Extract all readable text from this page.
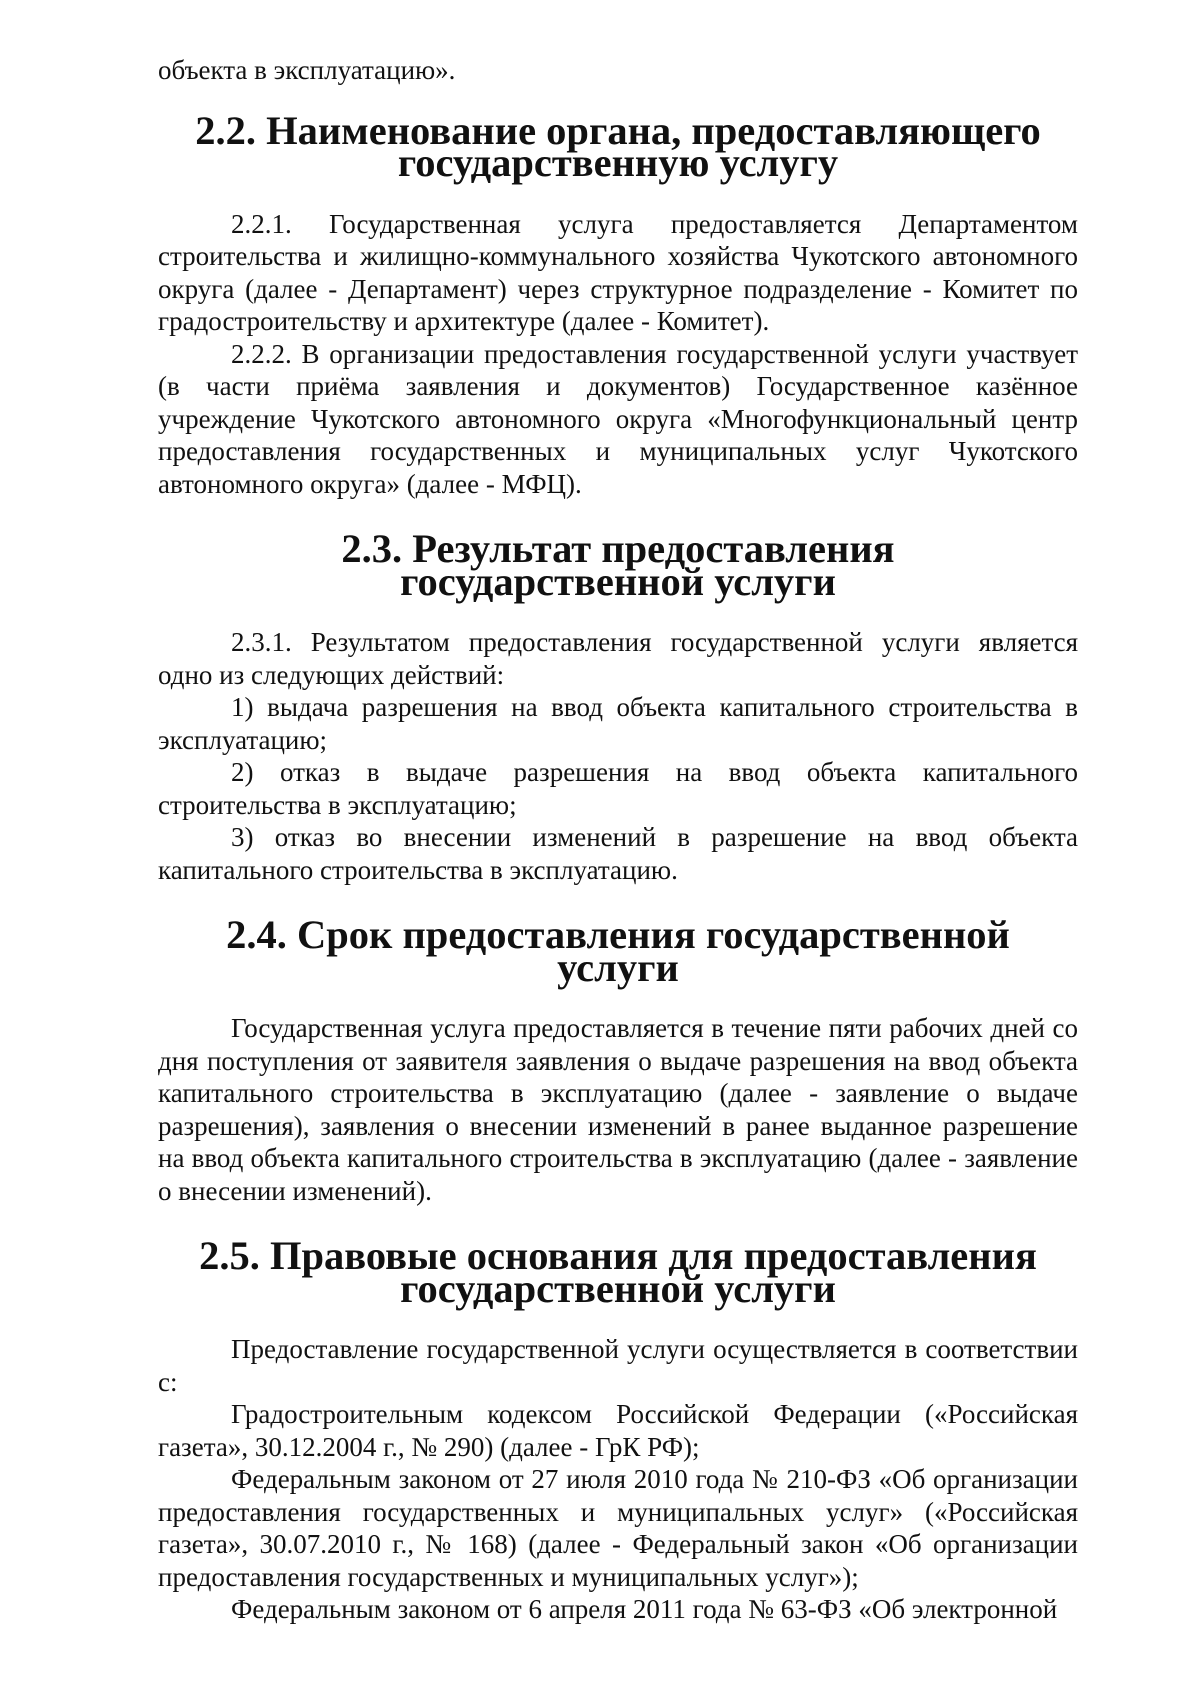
объекта в эксплуатацию».

2.2. Наименование органа, предоставляющего государственную услугу

2.2.1. Государственная услуга предоставляется Департаментом строительства и жилищно-коммунального хозяйства Чукотского автономного округа (далее - Департамент) через структурное подразделение - Комитет по градостроительству и архитектуре (далее - Комитет).

2.2.2. В организации предоставления государственной услуги участвует (в части приёма заявления и документов) Государственное казённое учреждение Чукотского автономного округа «Многофункциональный центр предоставления государственных и муниципальных услуг Чукотского автономного округа» (далее - МФЦ).

2.3. Результат предоставления государственной услуги

2.3.1. Результатом предоставления государственной услуги является одно из следующих действий:

1) выдача разрешения на ввод объекта капитального строительства в эксплуатацию;

2) отказ в выдаче разрешения на ввод объекта капитального строительства в эксплуатацию;

3) отказ во внесении изменений в разрешение на ввод объекта капитального строительства в эксплуатацию.

2.4. Срок предоставления государственной услуги

Государственная услуга предоставляется в течение пяти рабочих дней со дня поступления от заявителя заявления о выдаче разрешения на ввод объекта капитального строительства в эксплуатацию (далее - заявление о выдаче разрешения), заявления о внесении изменений в ранее выданное разрешение на ввод объекта капитального строительства в эксплуатацию (далее - заявление о внесении изменений).

2.5. Правовые основания для предоставления государственной услуги

Предоставление государственной услуги осуществляется в соответствии с:

Градостроительным кодексом Российской Федерации («Российская газета», 30.12.2004 г., № 290) (далее - ГрК РФ);

Федеральным законом от 27 июля 2010 года № 210-ФЗ «Об организации предоставления государственных и муниципальных услуг» («Российская газета», 30.07.2010 г., № 168) (далее - Федеральный закон «Об организации предоставления государственных и муниципальных услуг»);

Федеральным законом от 6 апреля 2011 года № 63-ФЗ «Об электронной
